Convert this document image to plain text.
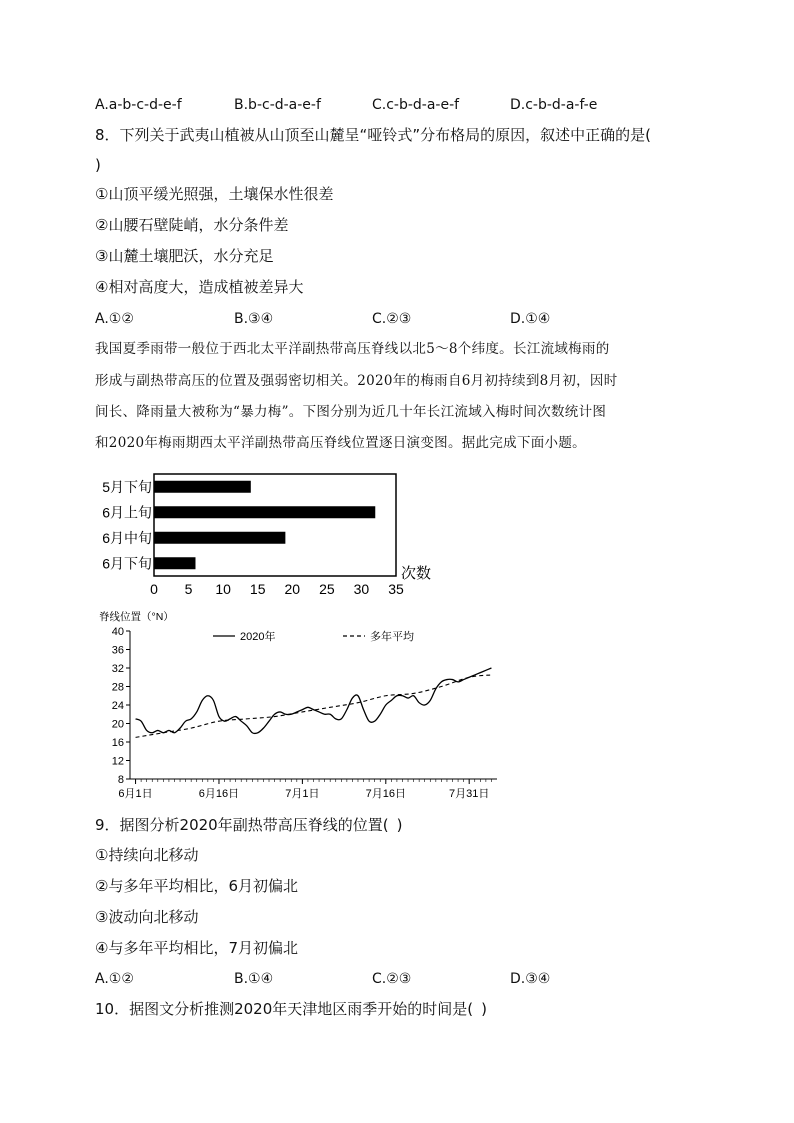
A.a-b-c-d-e-f	B.b-c-d-a-e-f	C.c-b-d-a-e-f	D.c-b-d-a-f-e
8．下列关于武夷山植被从山顶至山麓呈“哑铃式”分布格局的原因，叙述中正确的是(
)
①山顶平缓光照强，土壤保水性很差
②山腰石壁陡峭，水分条件差
③山麓土壤肥沃，水分充足
④相对高度大，造成植被差异大
A.①②	B.③④	C.②③	D.①④
我国夏季雨带一般位于西北太平洋副热带高压脊线以北5～8个纬度。长江流域梅雨的
形成与副热带高压的位置及强弱密切相关。2020年的梅雨自6月初持续到8月初，因时
间长、降雨量大被称为“暴力梅”。下图分别为近几十年长江流域入梅时间次数统计图
和2020年梅雨期西太平洋副热带高压脊线位置逐日演变图。据此完成下面小题。
5月下旬
6月上旬
6月中旬
6月下旬
0 5 10 15 20 25 30 35
次数
脊线位置（°N）
40
36
32
28
24
20
16
12
8
6月1日	6月16日	7月1日	7月16日	7月31日
2020年	多年平均
9．据图分析2020年副热带高压脊线的位置( )
①持续向北移动
②与多年平均相比，6月初偏北
③波动向北移动
④与多年平均相比，7月初偏北
A.①②	B.①④	C.②③	D.③④
10．据图文分析推测2020年天津地区雨季开始的时间是( )
